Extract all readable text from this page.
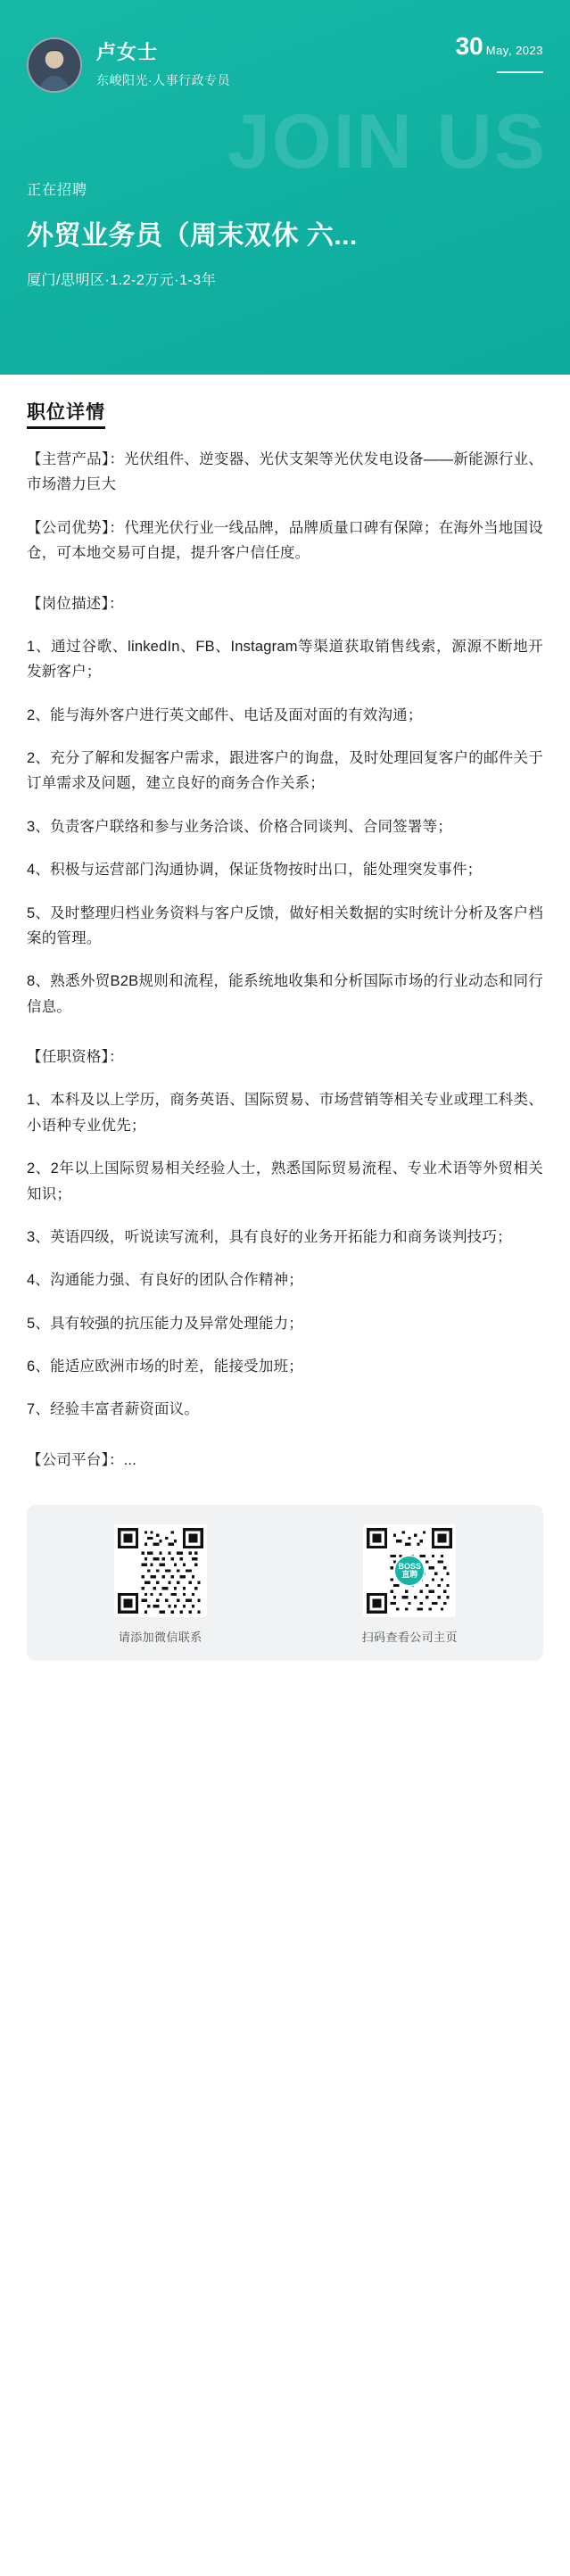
JOIN US
30 May, 2023
卢女士
东峻阳光·人事行政专员
正在招聘
外贸业务员（周末双休 六...
厦门/思明区·1.2-2万元·1-3年
职位详情
【主营产品】：光伏组件、逆变器、光伏支架等光伏发电设备——新能源行业、市场潜力巨大
【公司优势】：代理光伏行业一线品牌，品牌质量口碑有保障；在海外当地国设仓，可本地交易可自提，提升客户信任度。
【岗位描述】：
1、通过谷歌、linkedIn、FB、Instagram等渠道获取销售线索，源源不断地开发新客户；
2、能与海外客户进行英文邮件、电话及面对面的有效沟通；
2、充分了解和发掘客户需求，跟进客户的询盘，及时处理回复客户的邮件关于订单需求及问题，建立良好的商务合作关系；
3、负责客户联络和参与业务洽谈、价格合同谈判、合同签署等；
4、积极与运营部门沟通协调，保证货物按时出口，能处理突发事件；
5、及时整理归档业务资料与客户反馈，做好相关数据的实时统计分析及客户档案的管理。
8、熟悉外贸B2B规则和流程，能系统地收集和分析国际市场的行业动态和同行信息。
【任职资格】：
1、本科及以上学历，商务英语、国际贸易、市场营销等相关专业或理工科类、小语种专业优先；
2、2年以上国际贸易相关经验人士，熟悉国际贸易流程、专业术语等外贸相关知识；
3、英语四级，听说读写流利，具有良好的业务开拓能力和商务谈判技巧；
4、沟通能力强、有良好的团队合作精神；
5、具有较强的抗压能力及异常处理能力；
6、能适应欧洲市场的时差，能接受加班；
7、经验丰富者薪资面议。
【公司平台】：...
请添加微信联系
BOSS
直聘
扫码查看公司主页
